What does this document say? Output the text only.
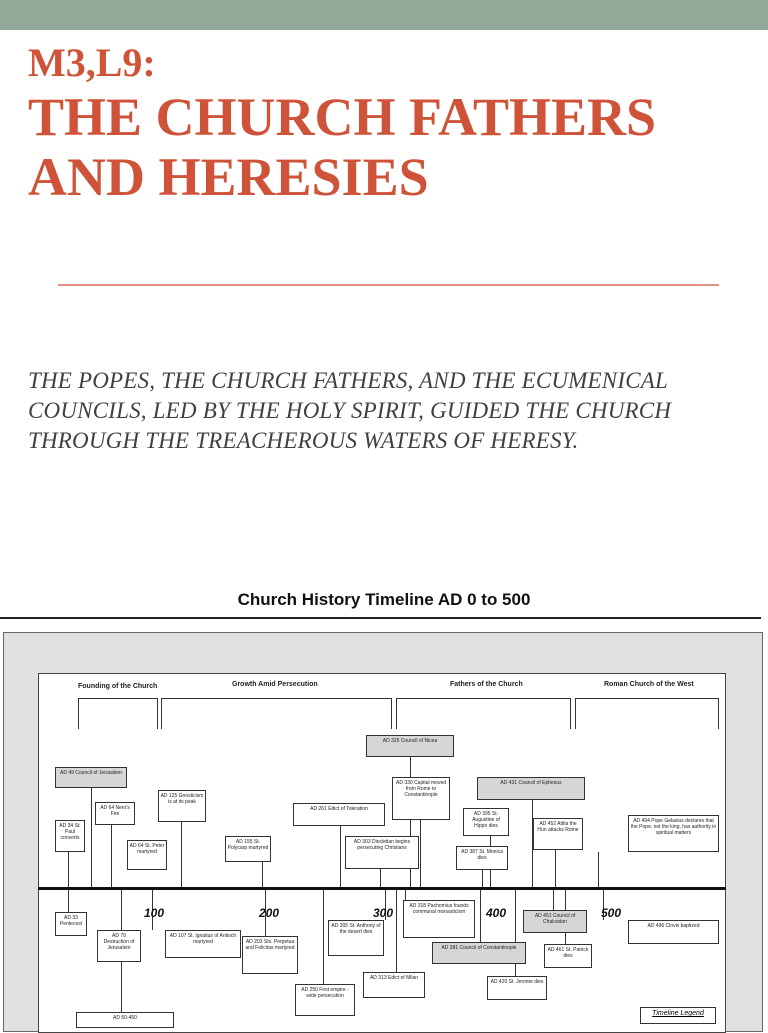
M3,L9:
THE CHURCH FATHERS
AND HERESIES
THE POPES, THE CHURCH FATHERS, AND THE ECUMENICAL
COUNCILS, LED BY THE HOLY SPIRIT, GUIDED THE CHURCH
THROUGH THE TREACHEROUS WATERS OF HERESY.
Church History Timeline AD 0 to 500
Founding of the Church	Growth Amid Persecution	Fathers of the Church	Roman Church of the West
100	200	300	400	500
AD 325 Council of Nicea
AD 49 Council of Jerusalem
AD 330 Capital moved from Rome to Constantinople
AD 431 Council of Ephesus
AD 64 Nero's Fire
AD 125 Gnosticism is at its peak
AD 261 Edict of Toleration
AD 395 St. Augustine of Hippo dies	AD 452 Attila the Hun attacks Rome
AD 494 Pope Gelasius declares that the Pope, not the king, has authority in spiritual matters
AD 34 St. Paul converts
AD 64 St. Peter martyred
AD 155 St. Polycarp martyred
AD 303 Diocletian begins persecuting Christians
AD 387 St. Monica dies
AD 33 Pentecost
AD 70 Destruction of Jerusalem
AD 107 St. Ignatius of Antioch martyred	AD 203 Sts. Perpetua and Felicitas martyred
AD 305 St. Anthony of the desert dies
AD 318 Pachomius founds communal monasticism
AD 451 Council of Chalcedon
AD 496 Clovis baptized
AD 381 Council of Constantinople	AD 461 St. Patrick dies
AD 250 First empire -wide persecution
AD 313 Edict of Milan
AD 420 St. Jerome dies
AD 50-450
Timeline Legend
